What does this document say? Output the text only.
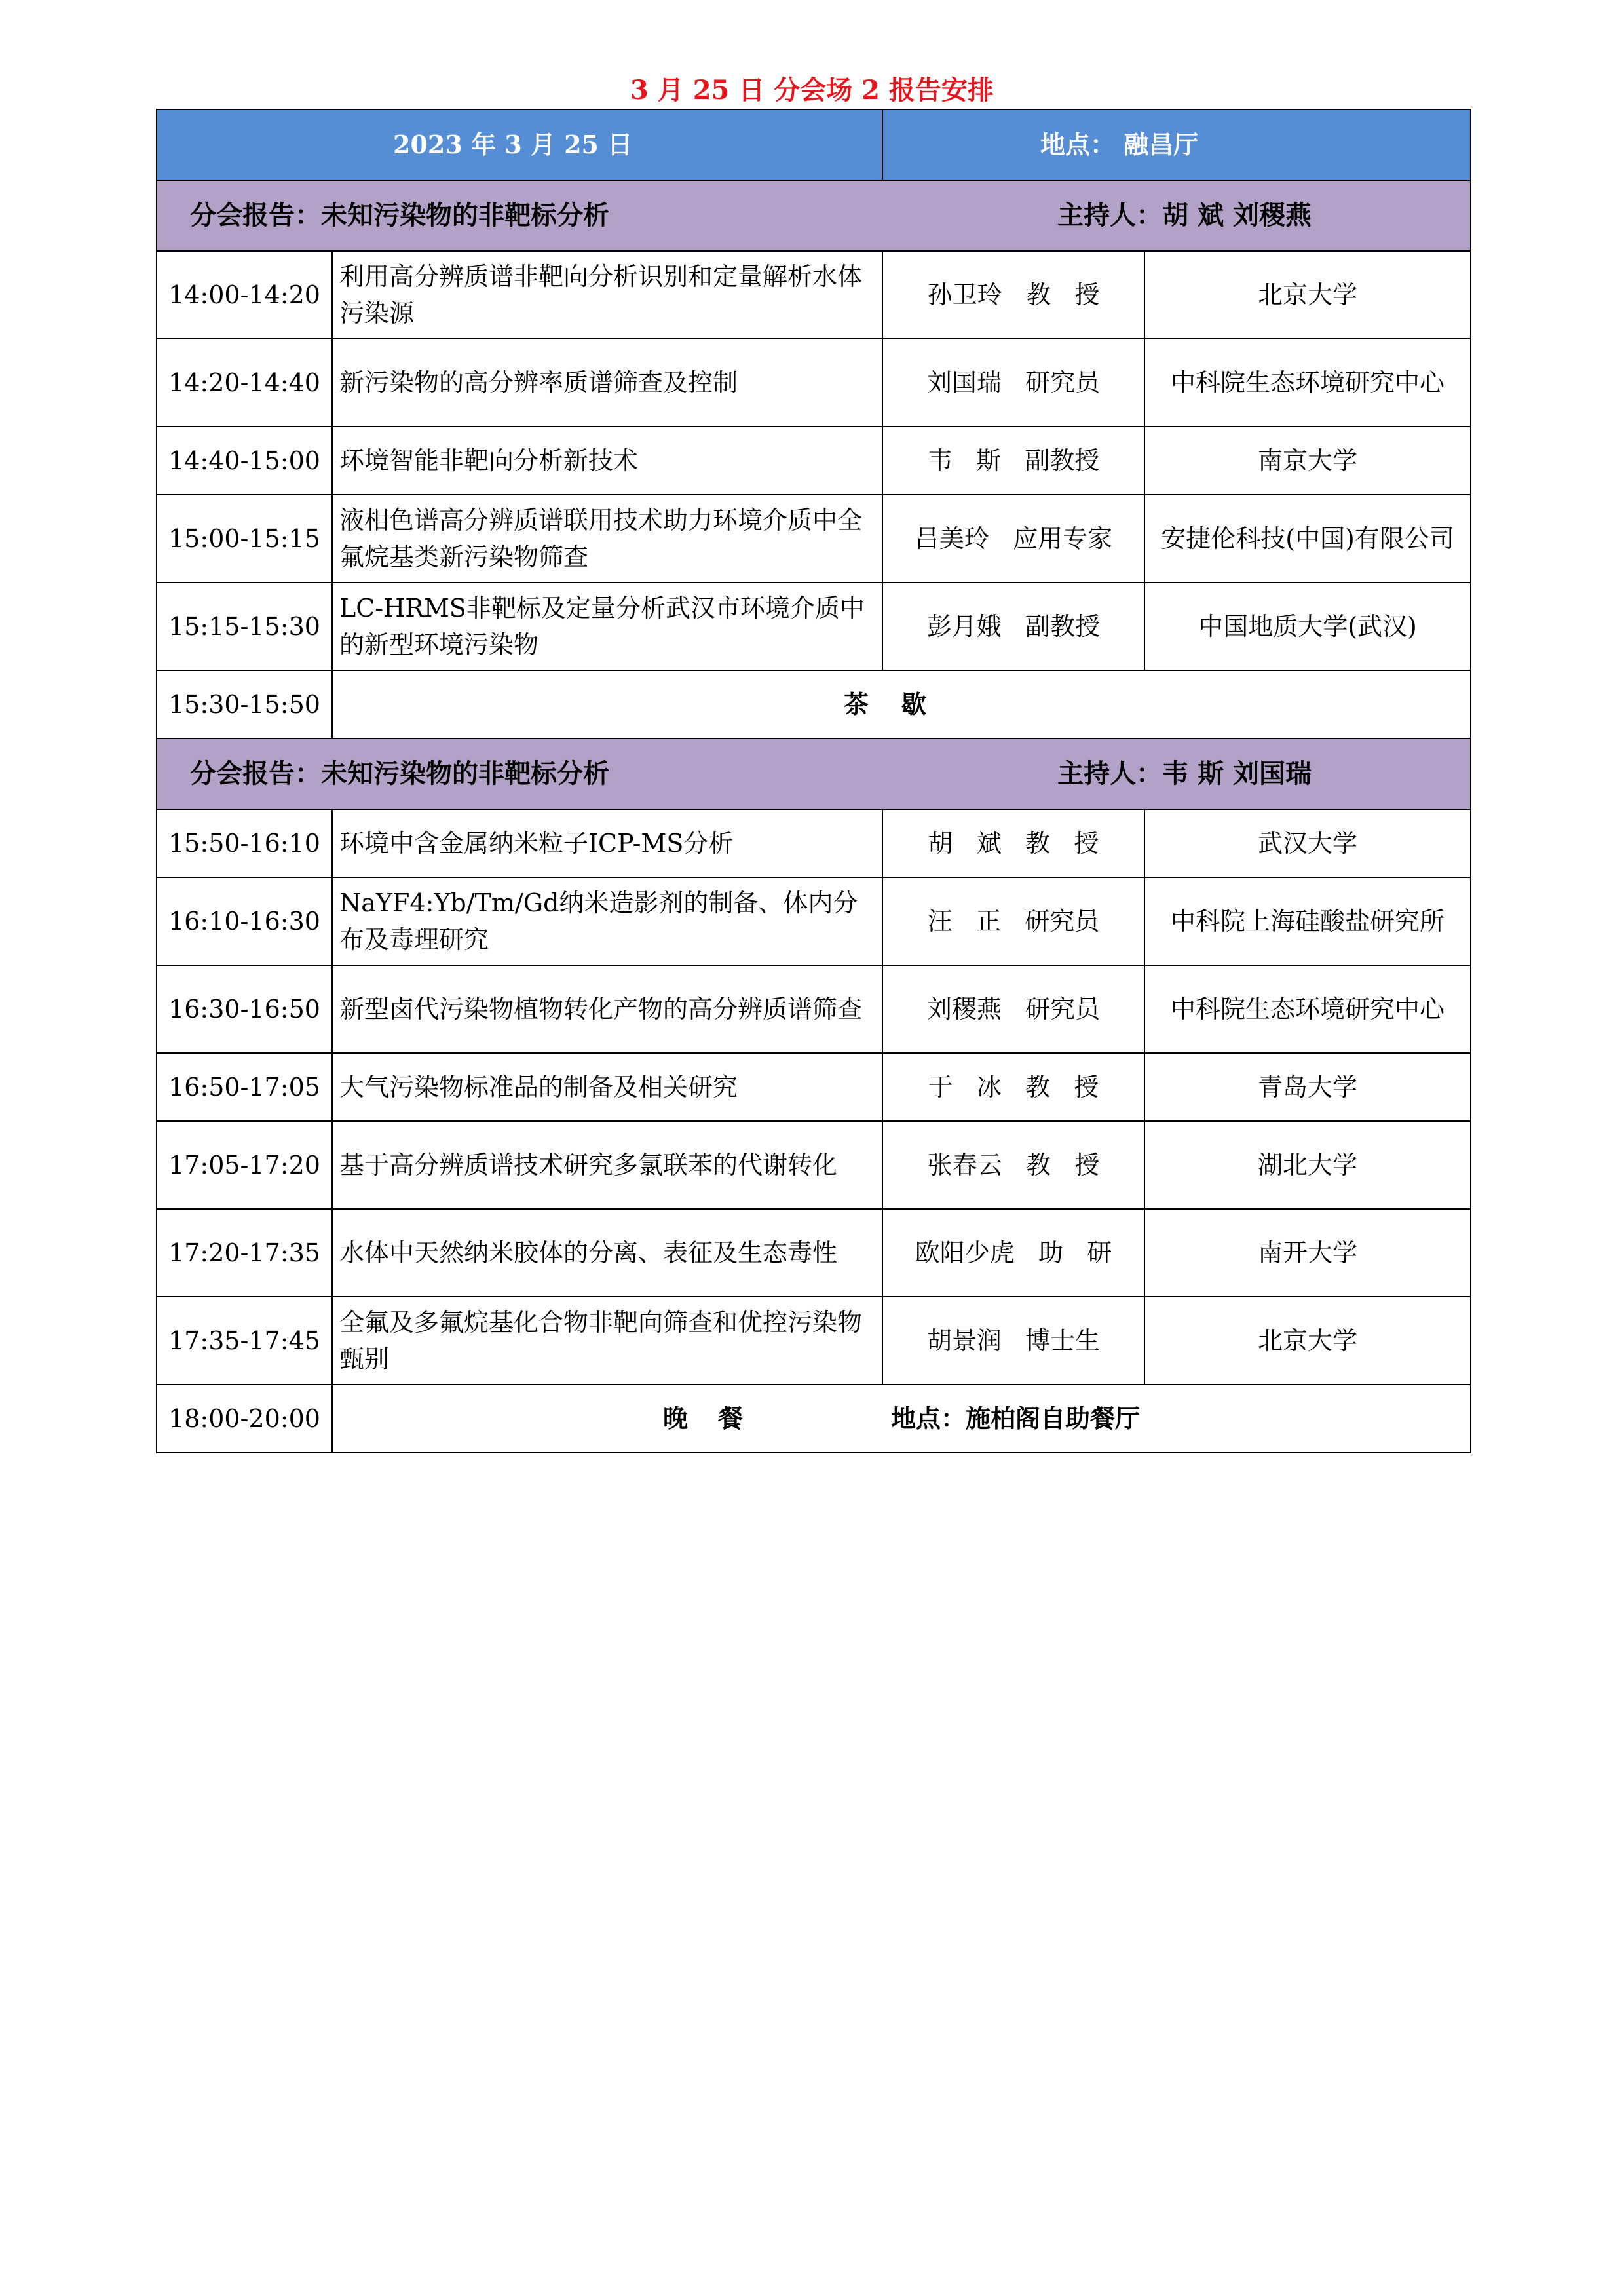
3 月 25 日 分会场 2 报告安排
2023 年 3 月 25 日		地点： 融昌厅	
分会报告：未知污染物的非靶标分析 主持人：胡 斌 刘稷燕			

14:00-14:20	利用高分辨质谱非靶向分析识别和定量解析水体污染源	孙卫玲   教   授	北京大学
14:20-14:40	新污染物的高分辨率质谱筛查及控制	刘国瑞   研究员	中科院生态环境研究中心
14:40-15:00	环境智能非靶向分析新技术	韦   斯   副教授	南京大学
15:00-15:15	液相色谱高分辨质谱联用技术助力环境介质中全氟烷基类新污染物筛查	吕美玲   应用专家	安捷伦科技(中国)有限公司
15:15-15:30	LC-HRMS非靶标及定量分析武汉市环境介质中的新型环境污染物	彭月娥   副教授	中国地质大学(武汉)
15:30-15:50	茶歇		
分会报告：未知污染物的非靶标分析 主持人：韦 斯 刘国瑞			

15:50-16:10	环境中含金属纳米粒子ICP-MS分析	胡   斌   教   授	武汉大学
16:10-16:30	NaYF4:Yb/Tm/Gd纳米造影剂的制备、体内分布及毒理研究	汪   正   研究员	中科院上海硅酸盐研究所
16:30-16:50	新型卤代污染物植物转化产物的高分辨质谱筛查	刘稷燕   研究员	中科院生态环境研究中心
16:50-17:05	大气污染物标准品的制备及相关研究	于   冰   教   授	青岛大学
17:05-17:20	基于高分辨质谱技术研究多氯联苯的代谢转化	张春云   教   授	湖北大学
17:20-17:35	水体中天然纳米胶体的分离、表征及生态毒性	欧阳少虎   助   研	南开大学
17:35-17:45	全氟及多氟烷基化合物非靶向筛查和优控污染物甄别	胡景润   博士生	北京大学
18:00-20:00	晚餐 地点：施柏阁自助餐厅		
